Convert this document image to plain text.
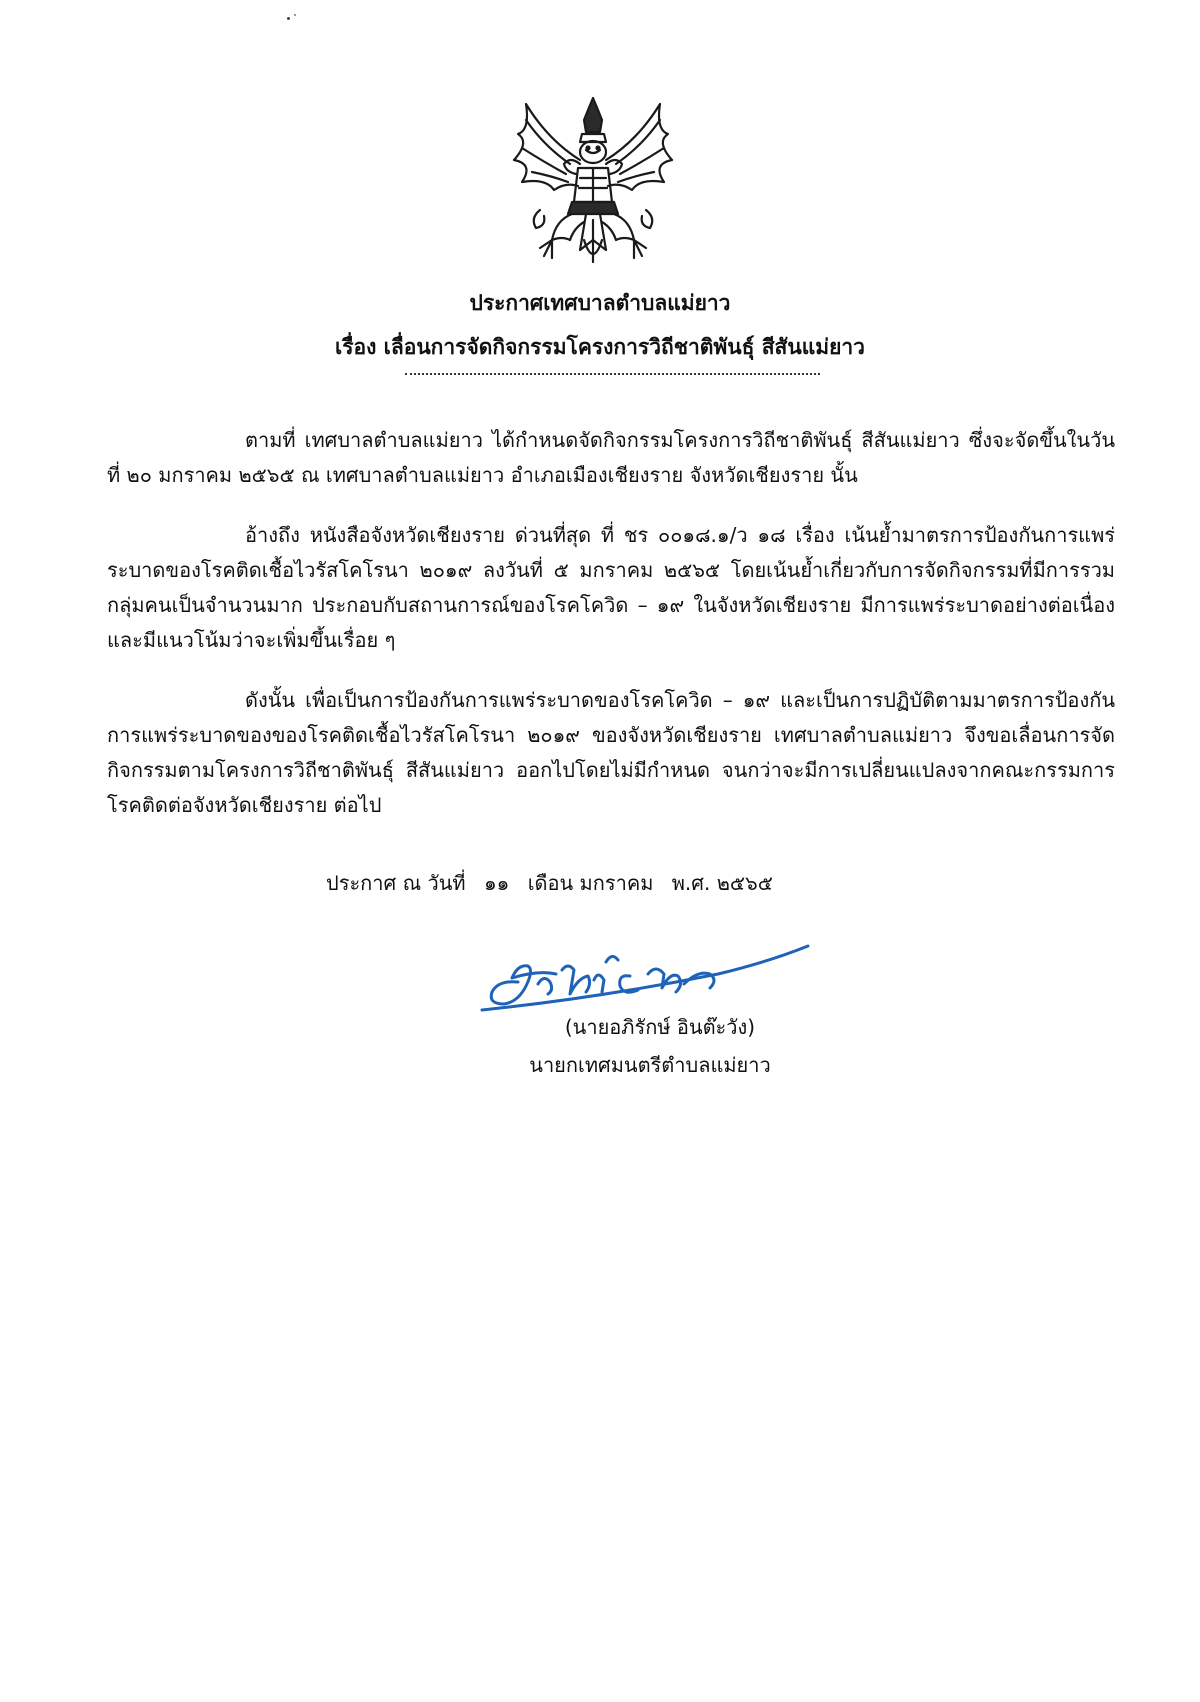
ประกาศเทศบาลตำบลแม่ยาว
เรื่อง เลื่อนการจัดกิจกรรมโครงการวิถีชาติพันธุ์ สีสันแม่ยาว

ตามที่ เทศบาลตำบลแม่ยาว ได้กำหนดจัดกิจกรรมโครงการวิถีชาติพันธุ์ สีสันแม่ยาว ซึ่งจะจัดขึ้นในวันที่ ๒๐ มกราคม ๒๕๖๕ ณ เทศบาลตำบลแม่ยาว อำเภอเมืองเชียงราย จังหวัดเชียงราย นั้น

อ้างถึง หนังสือจังหวัดเชียงราย ด่วนที่สุด ที่ ชร ๐๐๑๘.๑/ว ๑๘ เรื่อง เน้นย้ำมาตรการป้องกันการแพร่ระบาดของโรคติดเชื้อไวรัสโคโรนา ๒๐๑๙ ลงวันที่ ๕ มกราคม ๒๕๖๕ โดยเน้นย้ำเกี่ยวกับการจัดกิจกรรมที่มีการรวมกลุ่มคนเป็นจำนวนมาก ประกอบกับสถานการณ์ของโรคโควิด – ๑๙ ในจังหวัดเชียงราย มีการแพร่ระบาดอย่างต่อเนื่อง และมีแนวโน้มว่าจะเพิ่มขึ้นเรื่อย ๆ

ดังนั้น เพื่อเป็นการป้องกันการแพร่ระบาดของโรคโควิด – ๑๙ และเป็นการปฏิบัติตามมาตรการป้องกันการแพร่ระบาดของของโรคติดเชื้อไวรัสโคโรนา ๒๐๑๙ ของจังหวัดเชียงราย เทศบาลตำบลแม่ยาว จึงขอเลื่อนการจัดกิจกรรมตามโครงการวิถีชาติพันธุ์ สีสันแม่ยาว ออกไปโดยไม่มีกำหนด จนกว่าจะมีการเปลี่ยนแปลงจากคณะกรรมการโรคติดต่อจังหวัดเชียงราย ต่อไป

ประกาศ ณ วันที่ ๑๑ เดือน มกราคม พ.ศ. ๒๕๖๕
(นายอภิรักษ์ อินต๊ะวัง)
นายกเทศมนตรีตำบลแม่ยาว
